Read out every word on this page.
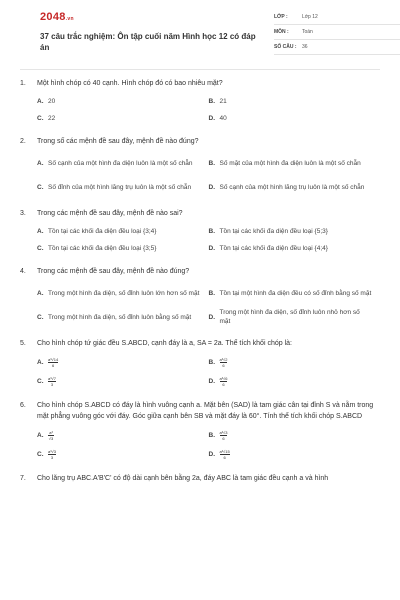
2048.vn
37 câu trắc nghiệm: Ôn tập cuối năm Hình học 12 có đáp án
LỚP :	Lớp 12
MÔN :	Toán
SỐ CÂU :	36
1.	Một hình chóp có 40 cạnh. Hình chóp đó có bao nhiêu mặt?
A. 20	B. 21
C. 22	D. 40
2.	Trong số các mệnh đề sau đây, mệnh đề nào đúng?
A. Số cạnh của một hình đa diện luôn là một số chẵn B. Số mặt của một hình đa diện luôn là một số chẵn
C. Số đỉnh của một hình lăng trụ luôn là một số chẵn	D. Số cạnh của một hình lăng trụ luôn là một số chẵn
3.	Trong các mệnh đề sau đây, mệnh đề nào sai?
A. Tồn tại các khối đa diện đều loại {3;4}	B. Tồn tại các khối đa diện đều loại {5;3}
C. Tồn tại các khối đa diện đều loại {3;5}	D. Tồn tại các khối đa diện đều loại {4;4}
4.	Trong các mệnh đề sau đây, mệnh đề nào đúng?
A. Trong một hình đa diện, số đỉnh luôn lớn hơn số mặt B. Tồn tại một hình đa diện đều có số đỉnh bằng số mặt
C. Trong một hình đa diện, số đỉnh luôn bằng số mặt	D.
Trong một hình đa diện, số đỉnh luôn nhỏ hơn số mặt
5.	Cho hình chóp tứ giác đều S.ABCD, cạnh đáy là a, SA = 2a. Thể tích khối chóp là:
A.	$\frac{\text{a³√14}}{6}$	B.	$\frac{\text{a³√2}}{6}$
C.	$\frac{\text{a³√7}}{3}$	D.	$\frac{\text{a³√6}}{6}$
6.	Cho hình chóp S.ABCD có đáy là hình vuông cạnh a. Mặt bên (SAD) là tam giác cân tại đỉnh S và nằm trong mặt phẳng vuông góc với đáy. Góc giữa cạnh bên SB và mặt đáy là 60°. Tính thể tích khối chóp S.ABCD
A.	$\frac{\text{a³}}{√3}$	B.	$\frac{\text{a³√3}}{6}$
C.	$\frac{\text{a³√3}}{3}$	D.	$\frac{\text{a³√15}}{6}$
7.	Cho lăng trụ ABC.A'B'C' có độ dài cạnh bên bằng 2a, đáy ABC là tam giác đều cạnh a và hình
